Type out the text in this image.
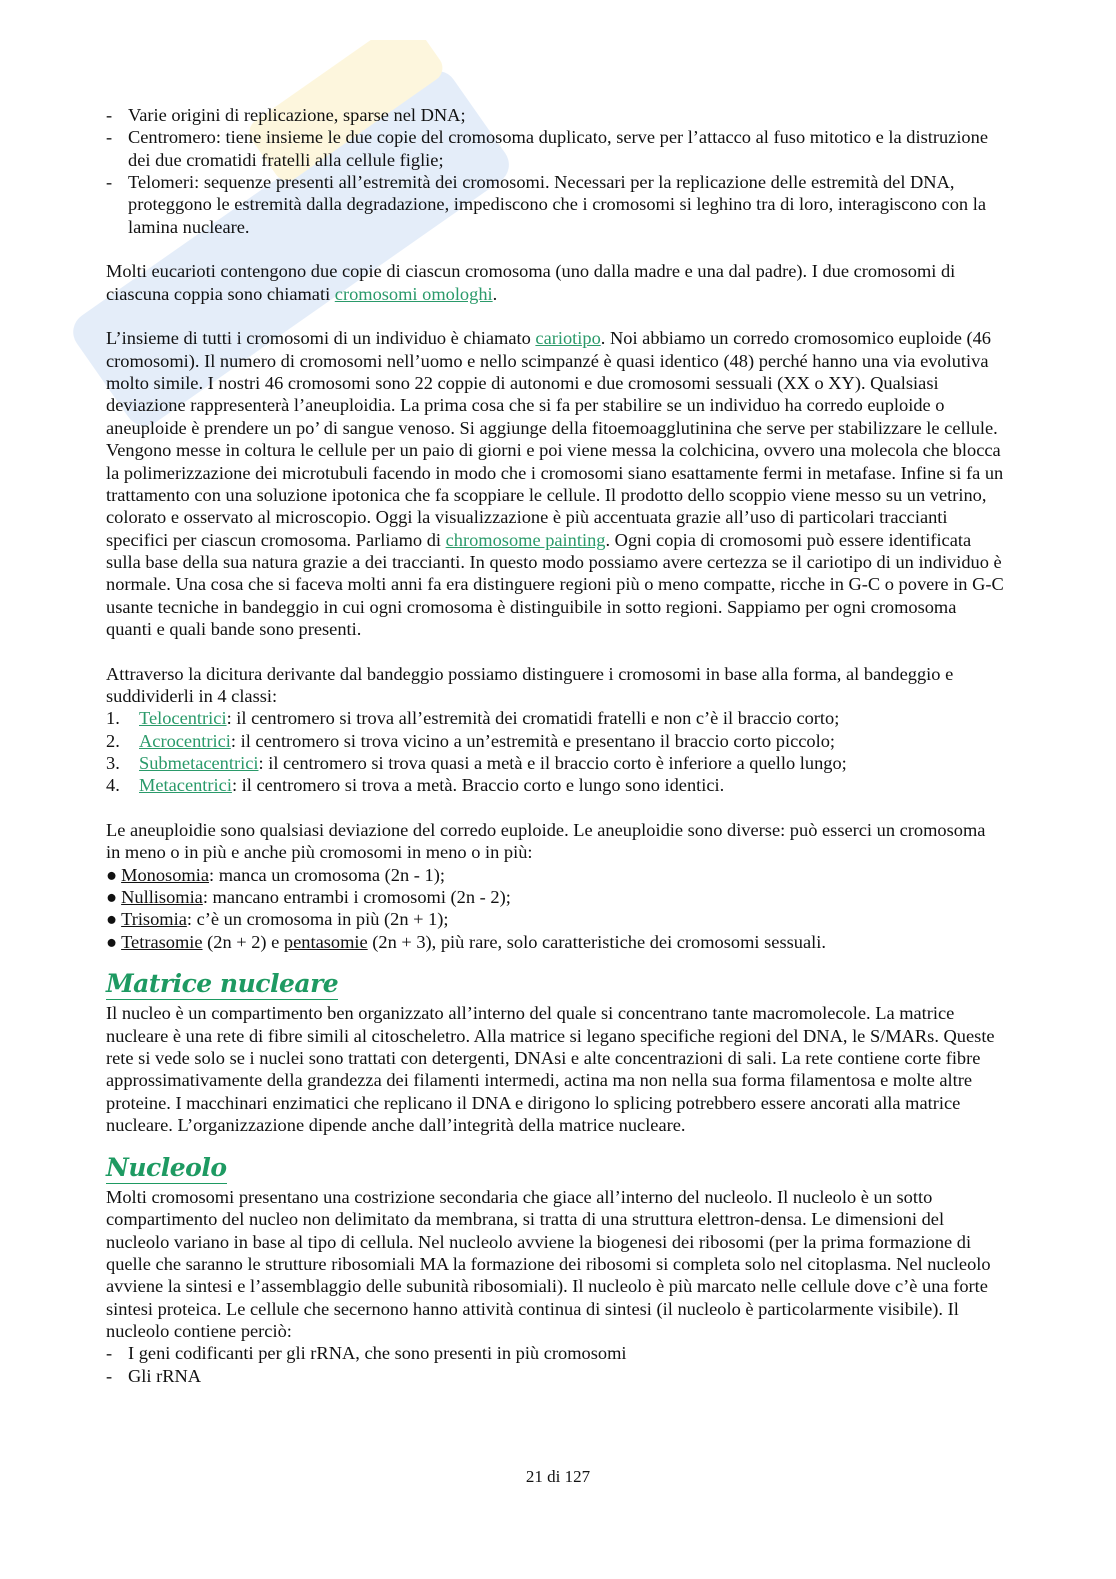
- Varie origini di replicazione, sparse nel DNA;
- Centromero: tiene insieme le due copie del cromosoma duplicato, serve per l’attacco al fuso mitotico e la distruzione dei due cromatidi fratelli alla cellule figlie;
- Telomeri: sequenze presenti all’estremità dei cromosomi. Necessari per la replicazione delle estremità del DNA, proteggono le estremità dalla degradazione, impediscono che i cromosomi si leghino tra di loro, interagiscono con la lamina nucleare.

Molti eucarioti contengono due copie di ciascun cromosoma (uno dalla madre e una dal padre). I due cromosomi di ciascuna coppia sono chiamati cromosomi omologhi.

L’insieme di tutti i cromosomi di un individuo è chiamato cariotipo. Noi abbiamo un corredo cromosomico euploide (46 cromosomi). Il numero di cromosomi nell’uomo e nello scimpanzé è quasi identico (48) perché hanno una via evolutiva molto simile. I nostri 46 cromosomi sono 22 coppie di autonomi e due cromosomi sessuali (XX o XY). Qualsiasi deviazione rappresenterà l’aneuploidia. La prima cosa che si fa per stabilire se un individuo ha corredo euploide o aneuploide è prendere un po’ di sangue venoso. Si aggiunge della fitoemoagglutinina che serve per stabilizzare le cellule. Vengono messe in coltura le cellule per un paio di giorni e poi viene messa la colchicina, ovvero una molecola che blocca la polimerizzazione dei microtubuli facendo in modo che i cromosomi siano esattamente fermi in metafase. Infine si fa un trattamento con una soluzione ipotonica che fa scoppiare le cellule. Il prodotto dello scoppio viene messo su un vetrino, colorato e osservato al microscopio. Oggi la visualizzazione è più accentuata grazie all’uso di particolari traccianti specifici per ciascun cromosoma. Parliamo di chromosome painting. Ogni copia di cromosomi può essere identificata sulla base della sua natura grazie a dei traccianti. In questo modo possiamo avere certezza se il cariotipo di un individuo è normale. Una cosa che si faceva molti anni fa era distinguere regioni più o meno compatte, ricche in G-C o povere in G-C usante tecniche in bandeggio in cui ogni cromosoma è distinguibile in sotto regioni. Sappiamo per ogni cromosoma quanti e quali bande sono presenti.

Attraverso la dicitura derivante dal bandeggio possiamo distinguere i cromosomi in base alla forma, al bandeggio e suddividerli in 4 classi:

1. Telocentrici: il centromero si trova all’estremità dei cromatidi fratelli e non c’è il braccio corto;
2. Acrocentrici: il centromero si trova vicino a un’estremità e presentano il braccio corto piccolo;
3. Submetacentrici: il centromero si trova quasi a metà e il braccio corto è inferiore a quello lungo;
4. Metacentrici: il centromero si trova a metà. Braccio corto e lungo sono identici.

Le aneuploidie sono qualsiasi deviazione del corredo euploide. Le aneuploidie sono diverse: può esserci un cromosoma in meno o in più e anche più cromosomi in meno o in più:

● Monosomia: manca un cromosoma (2n - 1);
● Nullisomia: mancano entrambi i cromosomi (2n - 2);
● Trisomia: c’è un cromosoma in più (2n + 1);
● Tetrasomie (2n + 2) e pentasomie (2n + 3), più rare, solo caratteristiche dei cromosomi sessuali.
Matrice nucleare

Il nucleo è un compartimento ben organizzato all’interno del quale si concentrano tante macromolecole. La matrice nucleare è una rete di fibre simili al citoscheletro. Alla matrice si legano specifiche regioni del DNA, le S/MARs. Queste rete si vede solo se i nuclei sono trattati con detergenti, DNAsi e alte concentrazioni di sali. La rete contiene corte fibre approssimativamente della grandezza dei filamenti intermedi, actina ma non nella sua forma filamentosa e molte altre proteine. I macchinari enzimatici che replicano il DNA e dirigono lo splicing potrebbero essere ancorati alla matrice nucleare. L’organizzazione dipende anche dall’integrità della matrice nucleare.

Nucleolo

Molti cromosomi presentano una costrizione secondaria che giace all’interno del nucleolo. Il nucleolo è un sotto compartimento del nucleo non delimitato da membrana, si tratta di una struttura elettron-densa. Le dimensioni del nucleolo variano in base al tipo di cellula. Nel nucleolo avviene la biogenesi dei ribosomi (per la prima formazione di quelle che saranno le strutture ribosomiali MA la formazione dei ribosomi si completa solo nel citoplasma. Nel nucleolo avviene la sintesi e l’assemblaggio delle subunità ribosomiali). Il nucleolo è più marcato nelle cellule dove c’è una forte sintesi proteica. Le cellule che secernono hanno attività continua di sintesi (il nucleolo è particolarmente visibile). Il nucleolo contiene perciò:

- I geni codificanti per gli rRNA, che sono presenti in più cromosomi
- Gli rRNA
21 di 127
